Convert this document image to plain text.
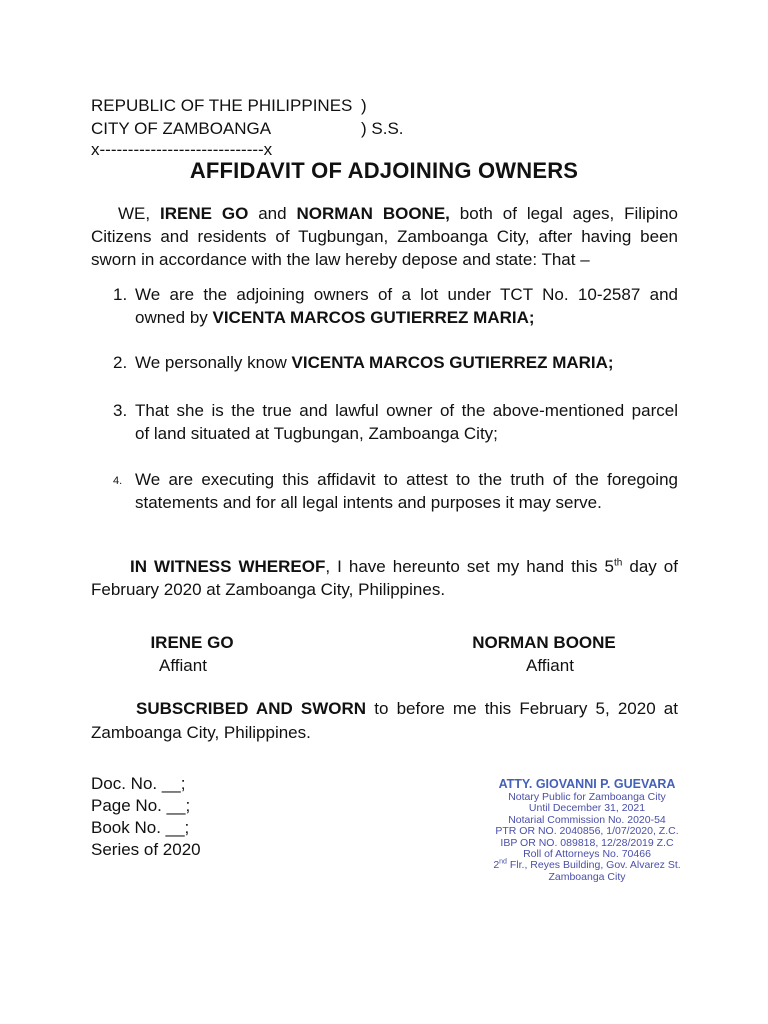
REPUBLIC OF THE PHILIPPINES )
CITY OF ZAMBOANGA	) S.S.
x-----------------------------x
AFFIDAVIT OF ADJOINING OWNERS
WE, IRENE GO and NORMAN BOONE, both of legal ages, Filipino
Citizens and residents of Tugbungan, Zamboanga City, after having been
sworn in accordance with the law hereby depose and state: That –
1. We are the adjoining owners of a lot under TCT No. 10-2587 and
owned by VICENTA MARCOS GUTIERREZ MARIA;
2. We personally know VICENTA MARCOS GUTIERREZ MARIA;
3. That she is the true and lawful owner of the above-mentioned parcel
of land situated at Tugbungan, Zamboanga City;
4. We are executing this affidavit to attest to the truth of the foregoing
statements and for all legal intents and purposes it may serve.
IN WITNESS WHEREOF, I have hereunto set my hand this 5th day of
February 2020 at Zamboanga City, Philippines.
IRENE GO
Affiant
NORMAN BOONE
Affiant
SUBSCRIBED AND SWORN to before me this February 5, 2020 at
Zamboanga City, Philippines.
Doc. No. __;
Page No. __;
Book No. __;
Series of 2020
ATTY. GIOVANNI P. GUEVARA
Notary Public for Zamboanga City
Until December 31, 2021
Notarial Commission No. 2020-54
PTR OR NO. 2040856, 1/07/2020, Z.C.
IBP OR NO. 089818, 12/28/2019 Z.C
Roll of Attorneys No. 70466
2nd Flr., Reyes Building, Gov. Alvarez St.
Zamboanga City
